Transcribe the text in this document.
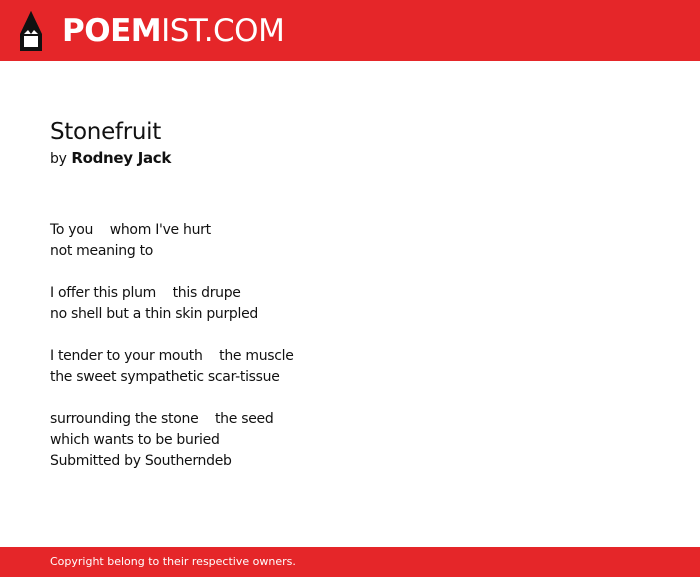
POEMIST.COM
Stonefruit

by Rodney Jack

To you    whom I've hurt
not meaning to
I offer this plum    this drupe
no shell but a thin skin purpled
I tender to your mouth    the muscle
the sweet sympathetic scar-tissue
surrounding the stone    the seed
which wants to be buried
Submitted by Southerndeb
Copyright belong to their respective owners.
